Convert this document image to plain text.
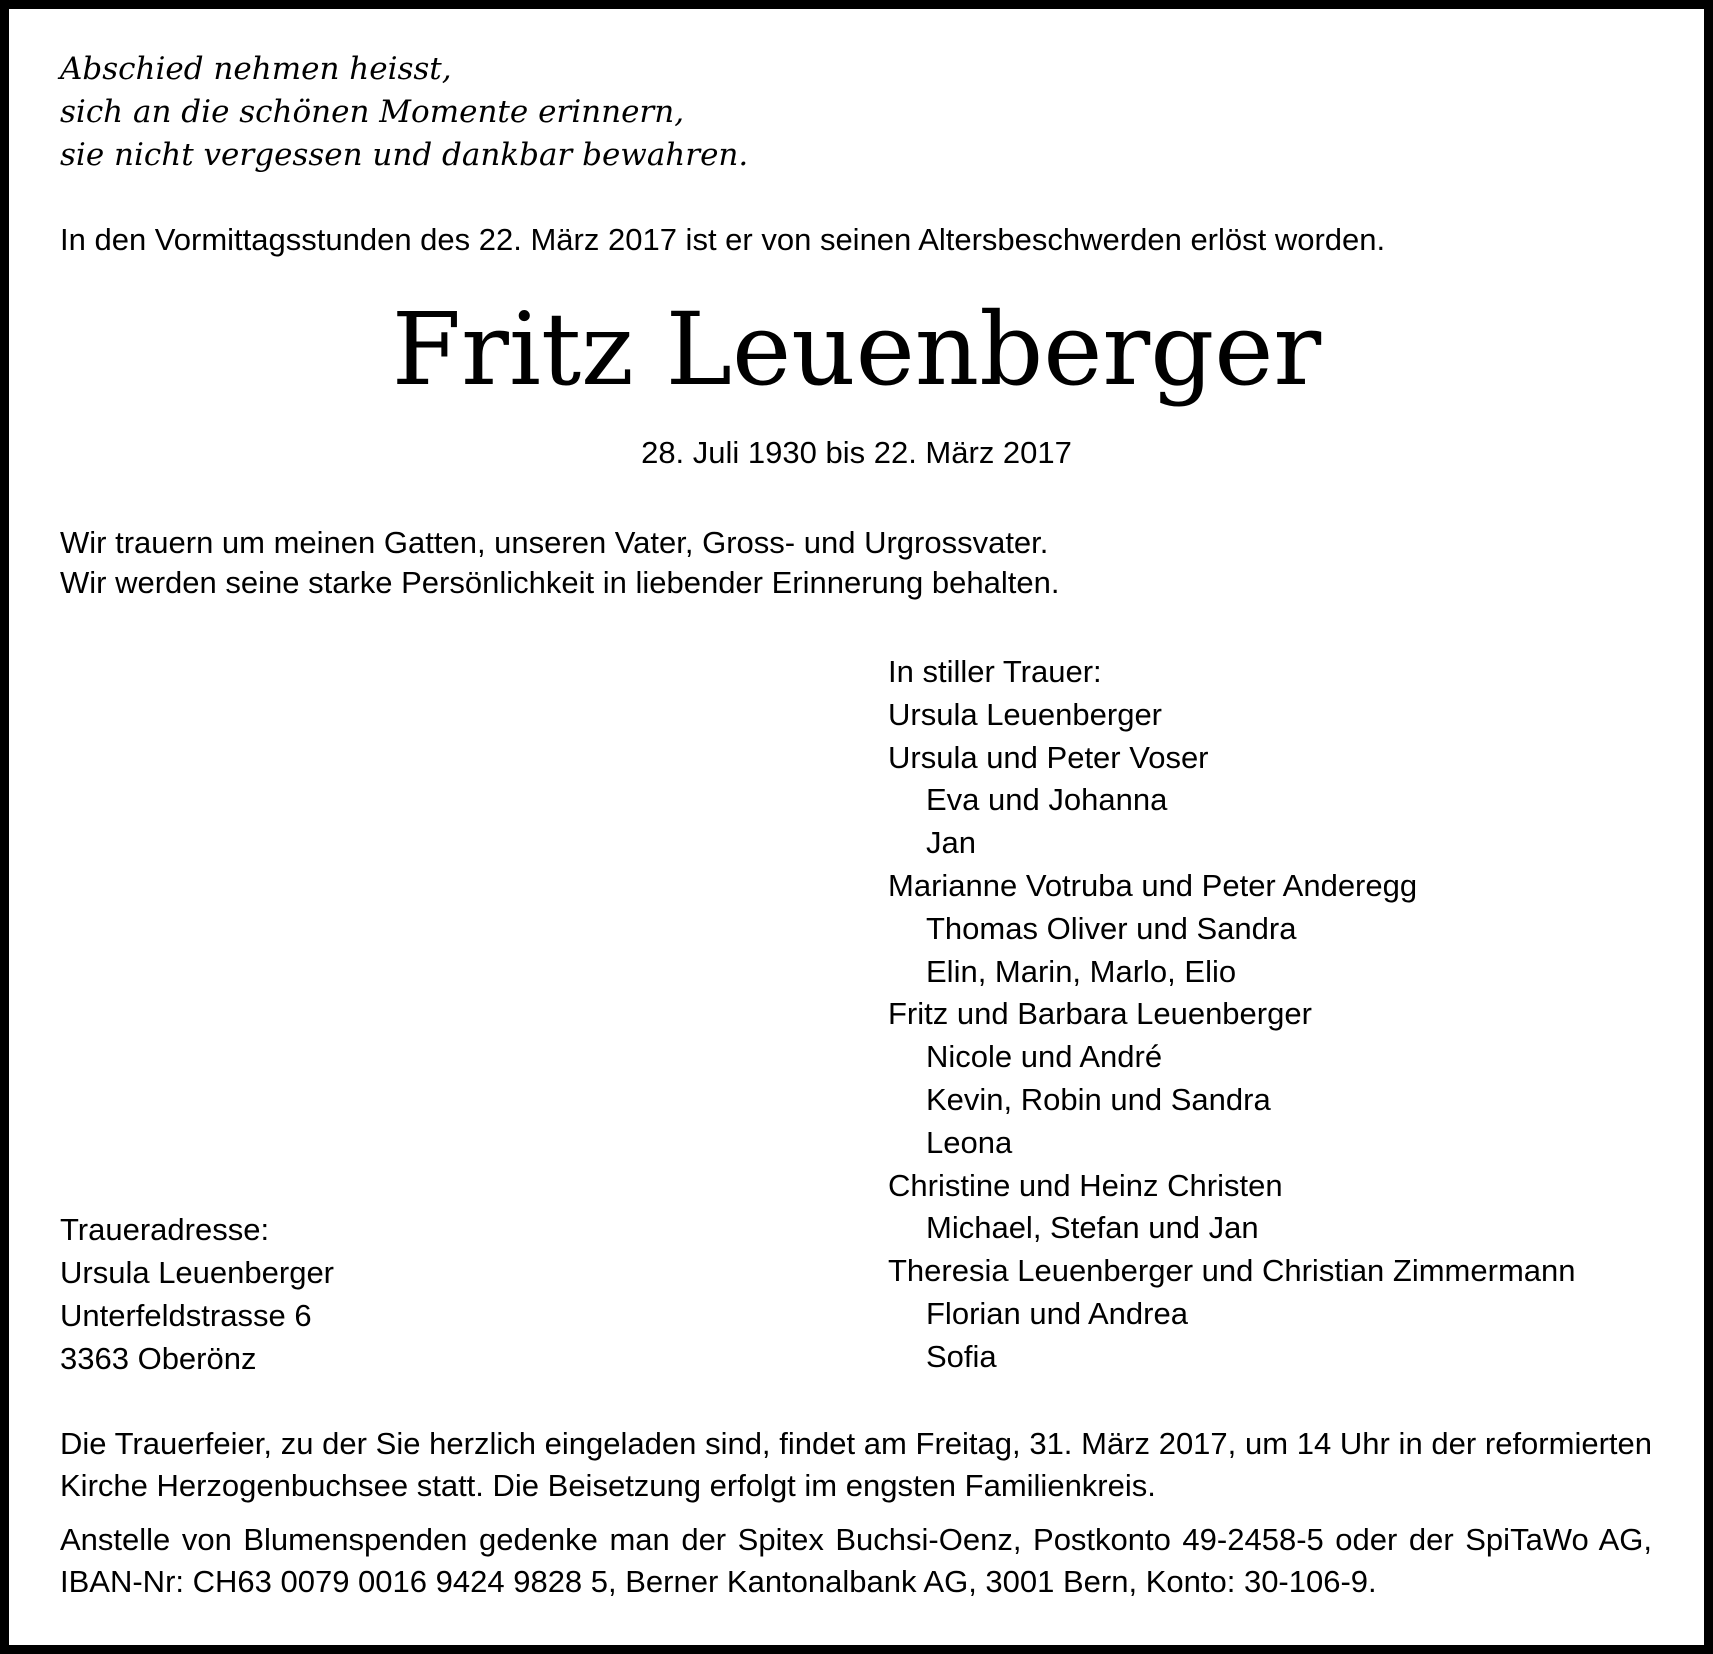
Abschied nehmen heisst,
sich an die schönen Momente erinnern,
sie nicht vergessen und dankbar bewahren.
In den Vormittagsstunden des 22. März 2017 ist er von seinen Altersbeschwerden erlöst worden.
Fritz Leuenberger
28. Juli 1930 bis 22. März 2017
Wir trauern um meinen Gatten, unseren Vater, Gross- und Urgrossvater.
Wir werden seine starke Persönlichkeit in liebender Erinnerung behalten.
In stiller Trauer:
Ursula Leuenberger
Ursula und Peter Voser
Eva und Johanna
Jan
Marianne Votruba und Peter Anderegg
Thomas Oliver und Sandra
Elin, Marin, Marlo, Elio
Fritz und Barbara Leuenberger
Nicole und André
Kevin, Robin und Sandra
Leona
Christine und Heinz Christen
Michael, Stefan und Jan
Theresia Leuenberger und Christian Zimmermann
Florian und Andrea
Sofia
Traueradresse:
Ursula Leuenberger
Unterfeldstrasse 6
3363 Oberönz
Die Trauerfeier, zu der Sie herzlich eingeladen sind, findet am Freitag, 31. März 2017, um 14 Uhr in der reformierten Kirche Herzogenbuchsee statt. Die Beisetzung erfolgt im engsten Familienkreis.
Anstelle von Blumenspenden gedenke man der Spitex Buchsi-Oenz, Postkonto 49-2458-5 oder der SpiTaWo AG, IBAN-Nr: CH63 0079 0016 9424 9828 5, Berner Kantonalbank AG, 3001 Bern, Konto: 30-106-9.
